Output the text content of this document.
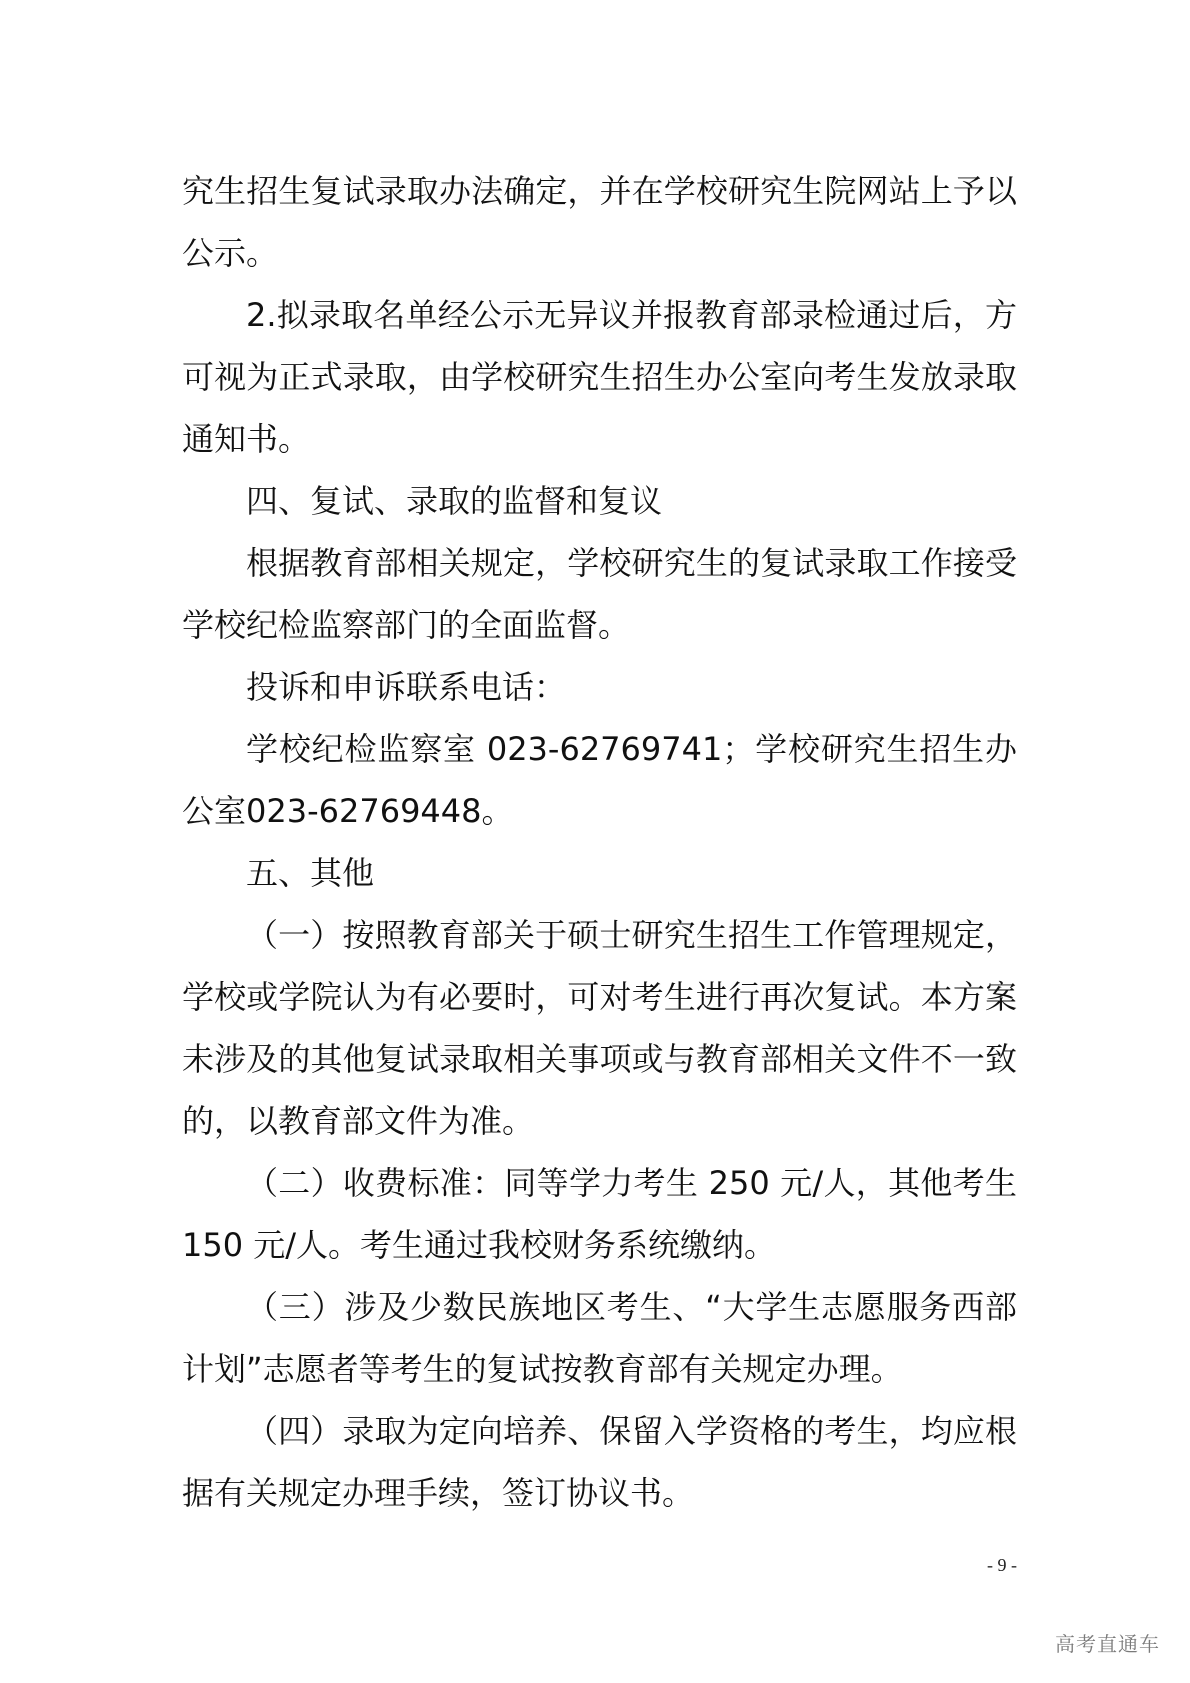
究生招生复试录取办法确定，并在学校研究生院网站上予以公示。

2.拟录取名单经公示无异议并报教育部录检通过后，方可视为正式录取，由学校研究生招生办公室向考生发放录取通知书。

四、复试、录取的监督和复议

根据教育部相关规定，学校研究生的复试录取工作接受学校纪检监察部门的全面监督。

投诉和申诉联系电话：

学校纪检监察室 023-62769741；学校研究生招生办公室023-62769448。

五、其他

（一）按照教育部关于硕士研究生招生工作管理规定，学校或学院认为有必要时，可对考生进行再次复试。本方案未涉及的其他复试录取相关事项或与教育部相关文件不一致的，以教育部文件为准。

（二）收费标准：同等学力考生 250 元/人，其他考生150 元/人。考生通过我校财务系统缴纳。

（三）涉及少数民族地区考生、“大学生志愿服务西部计划”志愿者等考生的复试按教育部有关规定办理。

（四）录取为定向培养、保留入学资格的考生，均应根据有关规定办理手续，签订协议书。

- 9 -
高考直通车
